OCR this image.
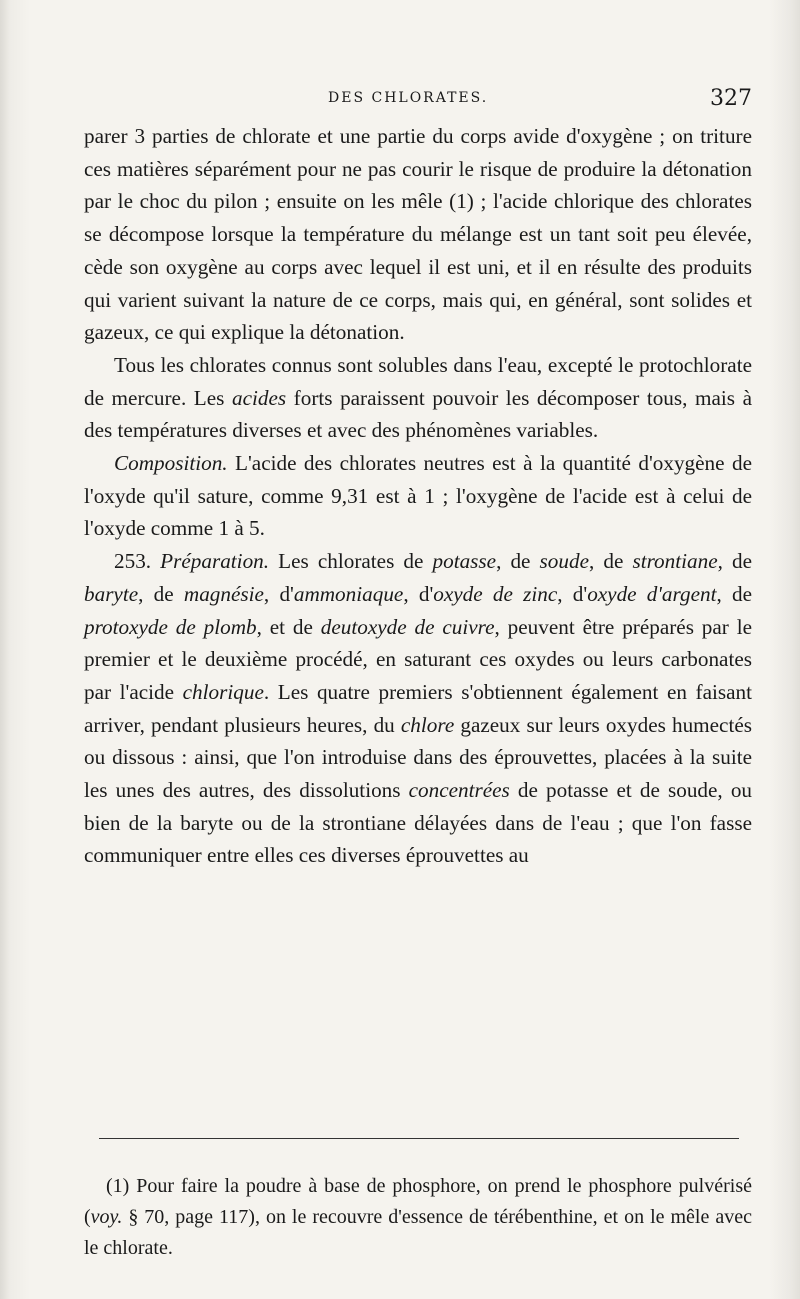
DES CHLORATES.	327

parer 3 parties de chlorate et une partie du corps avide d'oxygène ; on triture ces matières séparément pour ne pas courir le risque de produire la détonation par le choc du pilon ; ensuite on les mêle (1) ; l'acide chlorique des chlorates se décompose lorsque la température du mélange est un tant soit peu élevée, cède son oxygène au corps avec lequel il est uni, et il en résulte des produits qui varient suivant la nature de ce corps, mais qui, en général, sont solides et gazeux, ce qui explique la détonation.

Tous les chlorates connus sont solubles dans l'eau, excepté le protochlorate de mercure. Les acides forts paraissent pouvoir les décomposer tous, mais à des températures diverses et avec des phénomènes variables.

Composition. L'acide des chlorates neutres est à la quantité d'oxygène de l'oxyde qu'il sature, comme 9,31 est à 1 ; l'oxygène de l'acide est à celui de l'oxyde comme 1 à 5.

253. Préparation. Les chlorates de potasse, de soude, de strontiane, de baryte, de magnésie, d'ammoniaque, d'oxyde de zinc, d'oxyde d'argent, de protoxyde de plomb, et de deutoxyde de cuivre, peuvent être préparés par le premier et le deuxième procédé, en saturant ces oxydes ou leurs carbonates par l'acide chlorique. Les quatre premiers s'obtiennent également en faisant arriver, pendant plusieurs heures, du chlore gazeux sur leurs oxydes humectés ou dissous : ainsi, que l'on introduise dans des éprouvettes, placées à la suite les unes des autres, des dissolutions concentrées de potasse et de soude, ou bien de la baryte ou de la strontiane délayées dans de l'eau ; que l'on fasse communiquer entre elles ces diverses éprouvettes au

(1) Pour faire la poudre à base de phosphore, on prend le phosphore pulvérisé (voy. § 70, page 117), on le recouvre d'essence de térébenthine, et on le mêle avec le chlorate.
